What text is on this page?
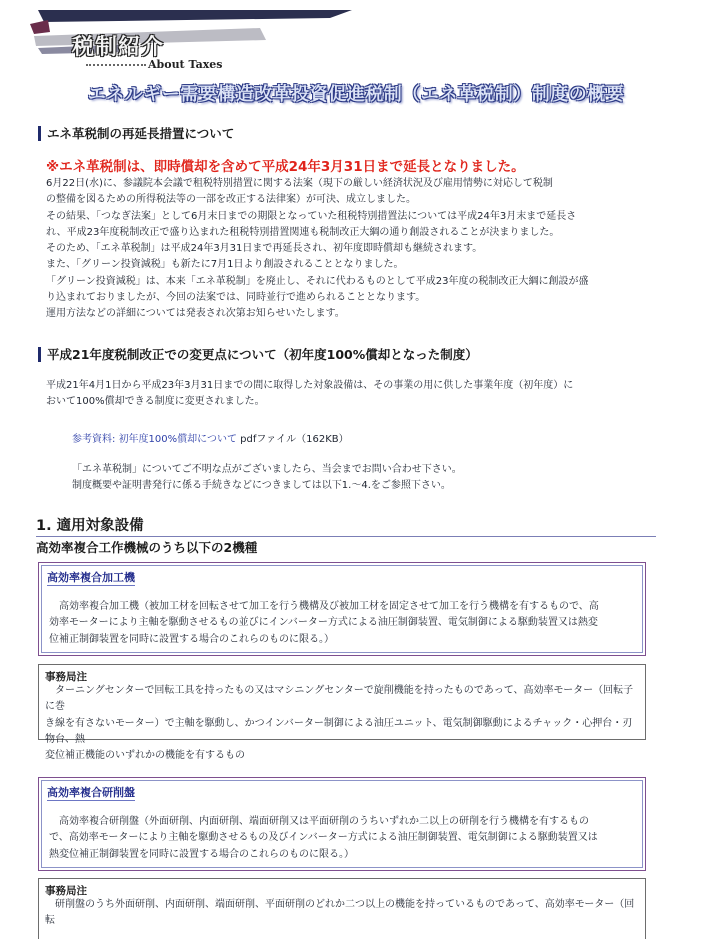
税制紹介
About Taxes
エネルギー需要構造改革投資促進税制（エネ革税制）制度の概要
エネ革税制の再延長措置について
※エネ革税制は、即時償却を含めて平成24年3月31日まで延長となりました。
6月22日(水)に、参議院本会議で租税特別措置に関する法案（現下の厳しい経済状況及び雇用情勢に対応して税制
の整備を図るための所得税法等の一部を改正する法律案）が可決、成立しました。
その結果、「つなぎ法案」として6月末日までの期限となっていた租税特別措置法については平成24年3月末まで延長さ
れ、平成23年度税制改正で盛り込まれた租税特別措置関連も税制改正大綱の通り創設されることが決まりました。
そのため、「エネ革税制」は平成24年3月31日まで再延長され、初年度即時償却も継続されます。
また、「グリーン投資減税」も新たに7月1日より創設されることとなりました。
「グリーン投資減税」は、本来「エネ革税制」を廃止し、それに代わるものとして平成23年度の税制改正大綱に創設が盛
り込まれておりましたが、今回の法案では、同時並行で進められることとなります。
運用方法などの詳細については発表され次第お知らせいたします。
平成21年度税制改正での変更点について（初年度100%償却となった制度）
平成21年4月1日から平成23年3月31日までの間に取得した対象設備は、その事業の用に供した事業年度（初年度）に
おいて100%償却できる制度に変更されました。
参考資料: 初年度100%償却について pdfファイル（162KB）
「エネ革税制」についてご不明な点がございましたら、当会までお問い合わせ下さい。
制度概要や証明書発行に係る手続きなどにつきましては以下1.～4.をご参照下さい。
1. 適用対象設備
高効率複合工作機械のうち以下の2機種
高効率複合加工機
高効率複合加工機（被加工材を回転させて加工を行う機構及び被加工材を固定させて加工を行う機構を有するもので、高
効率モーターにより主軸を駆動させるもの並びにインバーター方式による油圧制御装置、電気制御による駆動装置又は熱変
位補正制御装置を同時に設置する場合のこれらのものに限る。）
事務局注
ターニングセンターで回転工具を持ったもの又はマシニングセンターで旋削機能を持ったものであって、高効率モーター（回転子に巻
き線を有さないモーター）で主軸を駆動し、かつインバーター制御による油圧ユニット、電気制御駆動によるチャック・心押台・刃物台、熱
変位補正機能のいずれかの機能を有するもの
高効率複合研削盤
高効率複合研削盤（外面研削、内面研削、端面研削又は平面研削のうちいずれか二以上の研削を行う機構を有するもの
で、高効率モーターにより主軸を駆動させるもの及びインバーター方式による油圧制御装置、電気制御による駆動装置又は
熱変位補正制御装置を同時に設置する場合のこれらのものに限る。）
事務局注
研削盤のうち外面研削、内面研削、端面研削、平面研削のどれか二つ以上の機能を持っているものであって、高効率モーター（回転
